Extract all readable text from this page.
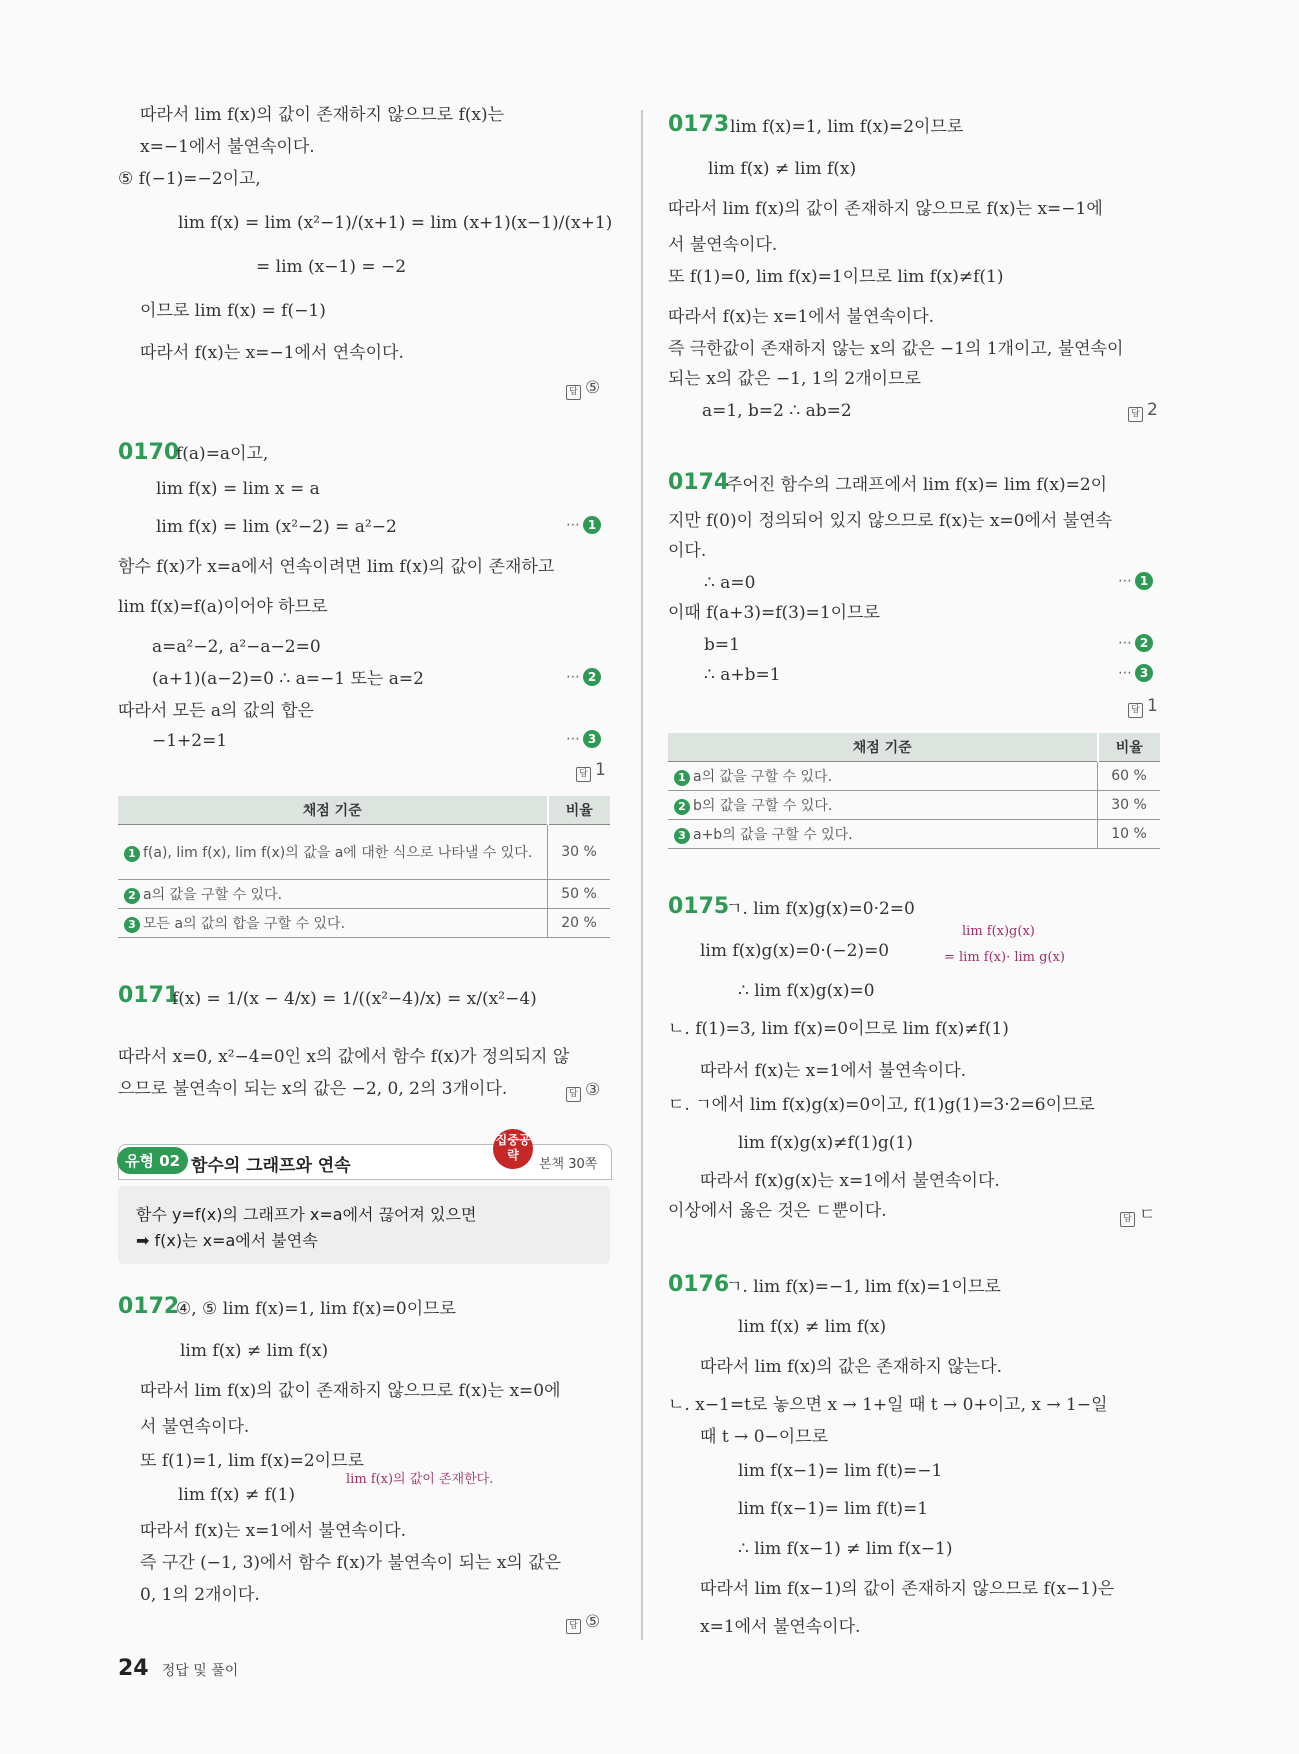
따라서 lim f(x)의 값이 존재하지 않으므로 f(x)는
x=−1에서 불연속이다.
⑤ f(−1)=−2이고,
lim f(x) = lim (x²−1)/(x+1) = lim (x+1)(x−1)/(x+1)
= lim (x−1) = −2
이므로 lim f(x) = f(−1)
따라서 f(x)는 x=−1에서 연속이다.
답 ⑤
0170
f(a)=a이고,
lim f(x) = lim x = a
lim f(x) = lim (x²−2) = a²−2	⋯ 1
함수 f(x)가 x=a에서 연속이려면 lim f(x)의 값이 존재하고
lim f(x)=f(a)이어야 하므로
a=a²−2, a²−a−2=0
(a+1)(a−2)=0 ∴ a=−1 또는 a=2	⋯ 2
따라서 모든 a의 값의 합은
−1+2=1	⋯ 3
답 1
채점 기준	비율
1 f(a), lim f(x), lim f(x)의 값을 a에 대한 식으로 나타낼 수 있다.	30 %
2 a의 값을 구할 수 있다.	50 %
3 모든 a의 값의 합을 구할 수 있다.	20 %
0171
f(x) = 1/(x − 4/x) = 1/((x²−4)/x) = x/(x²−4)
따라서 x=0, x²−4=0인 x의 값에서 함수 f(x)가 정의되지 않
으므로 불연속이 되는 x의 값은 −2, 0, 2의 3개이다.	답 ③
유형 02 함수의 그래프와 연속
집중공략
본책 30쪽
함수 y=f(x)의 그래프가 x=a에서 끊어져 있으면
➡ f(x)는 x=a에서 불연속
0172
④, ⑤ lim f(x)=1, lim f(x)=0이므로
lim f(x) ≠ lim f(x)
따라서 lim f(x)의 값이 존재하지 않으므로 f(x)는 x=0에
서 불연속이다.
또 f(1)=1, lim f(x)=2이므로
lim f(x) ≠ f(1)
lim f(x)의 값이 존재한다.
따라서 f(x)는 x=1에서 불연속이다.
즉 구간 (−1, 3)에서 함수 f(x)가 불연속이 되는 x의 값은
0, 1의 2개이다.
답 ⑤
0173 lim f(x)=1, lim f(x)=2이므로
lim f(x) ≠ lim f(x)
따라서 lim f(x)의 값이 존재하지 않으므로 f(x)는 x=−1에
서 불연속이다.
또 f(1)=0, lim f(x)=1이므로 lim f(x)≠f(1)
따라서 f(x)는 x=1에서 불연속이다.
즉 극한값이 존재하지 않는 x의 값은 −1의 1개이고, 불연속이
되는 x의 값은 −1, 1의 2개이므로
a=1, b=2 ∴ ab=2	답 2
0174
주어진 함수의 그래프에서 lim f(x)= lim f(x)=2이
지만 f(0)이 정의되어 있지 않으므로 f(x)는 x=0에서 불연속
이다.
∴ a=0	⋯ 1
이때 f(a+3)=f(3)=1이므로
b=1	⋯ 2
∴ a+b=1	⋯ 3
답 1
채점 기준	비율
1 a의 값을 구할 수 있다.	60 %
2 b의 값을 구할 수 있다.	30 %
3 a+b의 값을 구할 수 있다.	10 %
0175
ㄱ. lim f(x)g(x)=0·2=0
lim f(x)g(x)=0·(−2)=0
lim f(x)g(x)
= lim f(x)· lim g(x)
∴ lim f(x)g(x)=0
ㄴ. f(1)=3, lim f(x)=0이므로 lim f(x)≠f(1)
따라서 f(x)는 x=1에서 불연속이다.
ㄷ. ㄱ에서 lim f(x)g(x)=0이고, f(1)g(1)=3·2=6이므로
lim f(x)g(x)≠f(1)g(1)
따라서 f(x)g(x)는 x=1에서 불연속이다.
이상에서 옳은 것은 ㄷ뿐이다.	답 ㄷ
0176
ㄱ. lim f(x)=−1, lim f(x)=1이므로
lim f(x) ≠ lim f(x)
따라서 lim f(x)의 값은 존재하지 않는다.
ㄴ. x−1=t로 놓으면 x → 1+일 때 t → 0+이고, x → 1−일
때 t → 0−이므로
lim f(x−1)= lim f(t)=−1
lim f(x−1)= lim f(t)=1
∴ lim f(x−1) ≠ lim f(x−1)
따라서 lim f(x−1)의 값이 존재하지 않으므로 f(x−1)은
x=1에서 불연속이다.
24 정답 및 풀이
